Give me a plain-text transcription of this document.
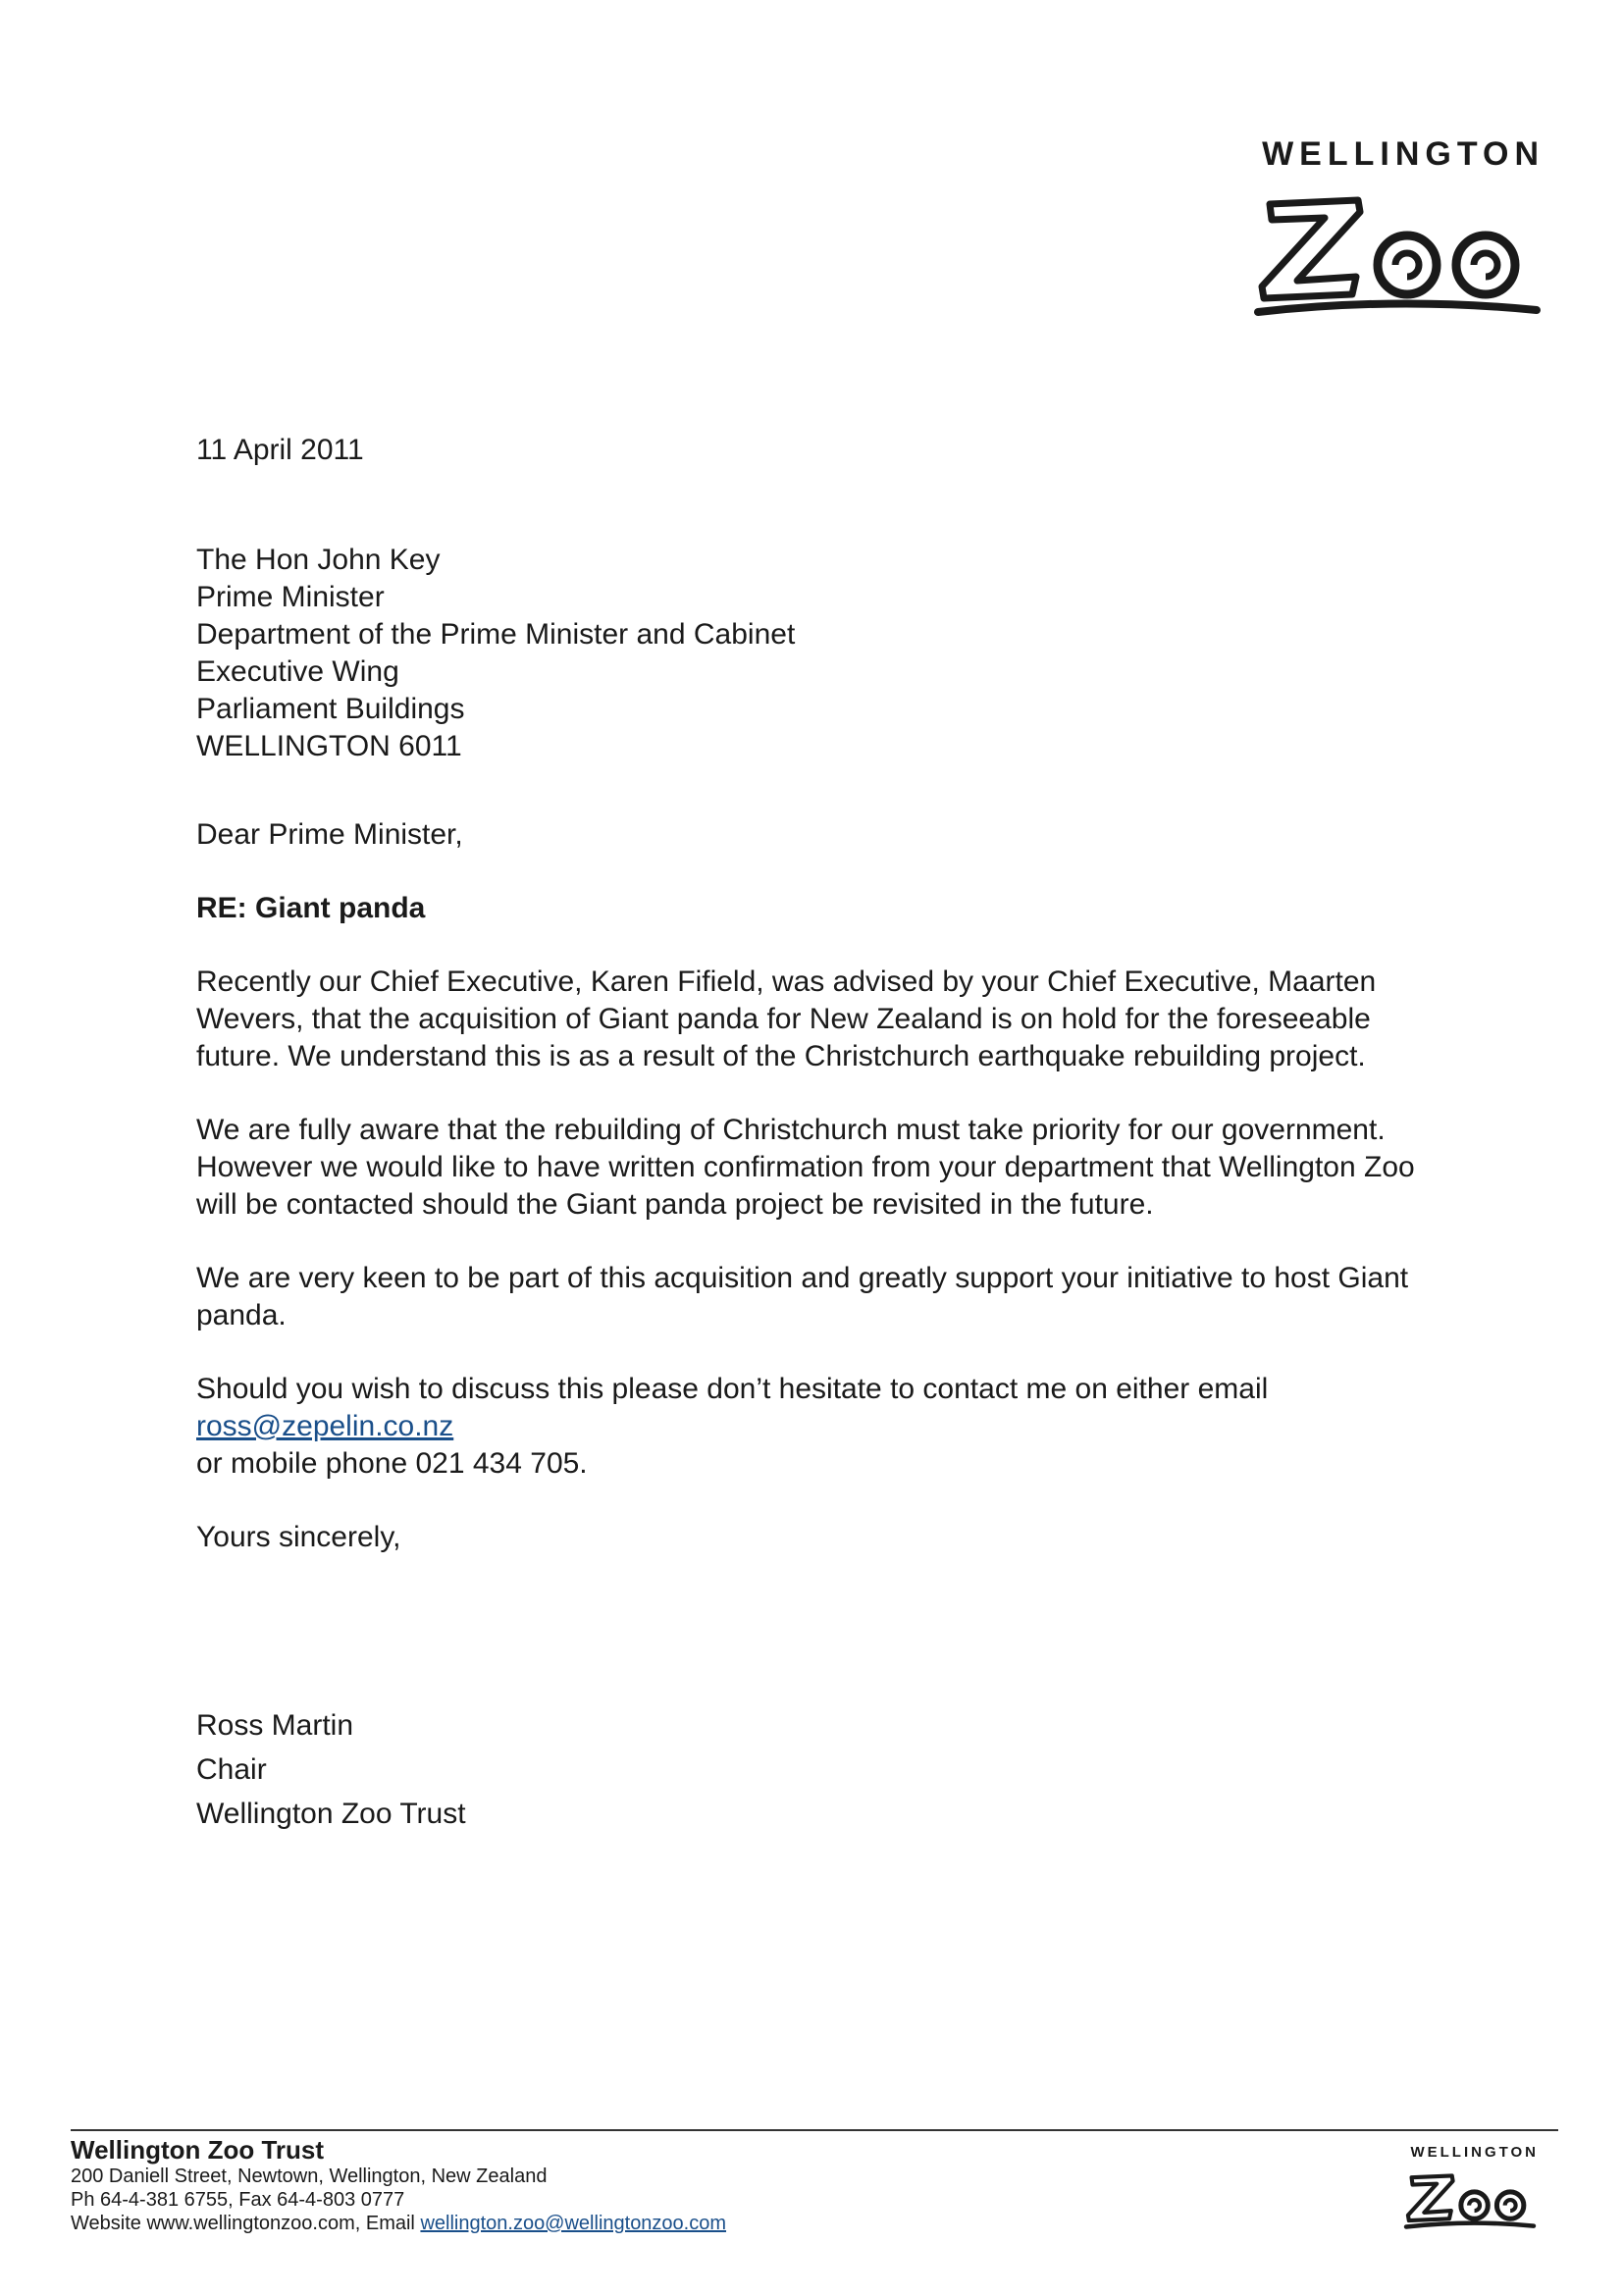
WELLINGTON

11 April 2011

The Hon John Key

Prime Minister

Department of the Prime Minister and Cabinet

Executive Wing

Parliament Buildings

WELLINGTON 6011

Dear Prime Minister,

RE: Giant panda

Recently our Chief Executive, Karen Fifield, was advised by your Chief Executive, Maarten Wevers, that the acquisition of Giant panda for New Zealand is on hold for the foreseeable future. We understand this is as a result of the Christchurch earthquake rebuilding project.

We are fully aware that the rebuilding of Christchurch must take priority for our government. However we would like to have written confirmation from your department that Wellington Zoo will be contacted should the Giant panda project be revisited in the future.

We are very keen to be part of this acquisition and greatly support your initiative to host Giant panda.

Should you wish to discuss this please don’t hesitate to contact me on either email ross@zepelin.co.nz
or mobile phone 021 434 705.

Yours sincerely,

Ross Martin

Chair

Wellington Zoo Trust

Wellington Zoo Trust
200 Daniell Street, Newtown, Wellington, New Zealand
Ph 64-4-381 6755, Fax 64-4-803 0777
Website www.wellingtonzoo.com, Email wellington.zoo@wellingtonzoo.com
WELLINGTON
